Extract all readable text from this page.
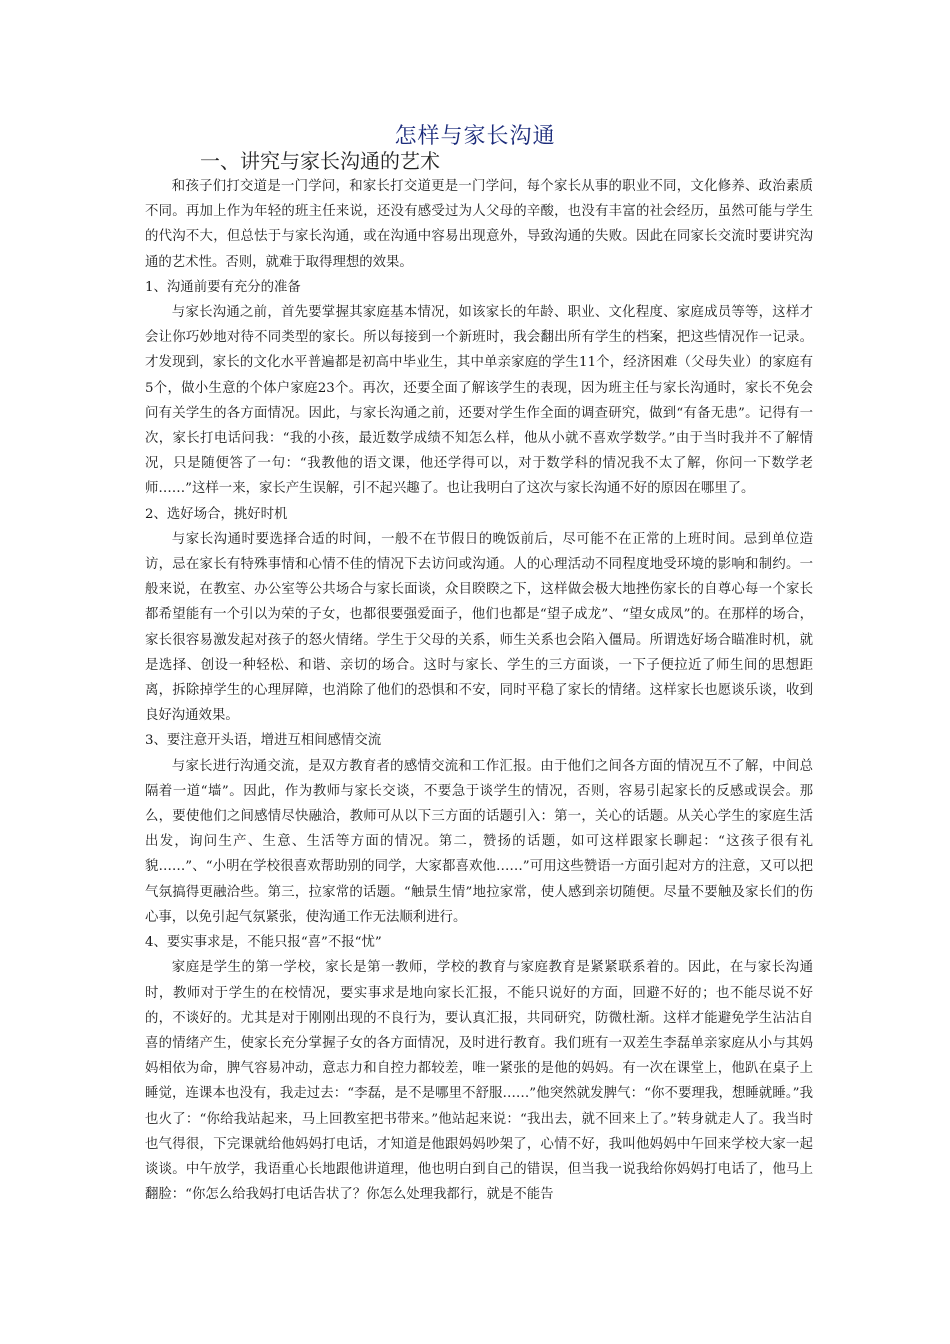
怎样与家长沟通
一、讲究与家长沟通的艺术

和孩子们打交道是一门学问，和家长打交道更是一门学问，每个家长从事的职业不同，文化修养、政治素质不同。再加上作为年轻的班主任来说，还没有感受过为人父母的辛酸，也没有丰富的社会经历，虽然可能与学生的代沟不大，但总怯于与家长沟通，或在沟通中容易出现意外，导致沟通的失败。因此在同家长交流时要讲究沟通的艺术性。否则，就难于取得理想的效果。

1、沟通前要有充分的准备

与家长沟通之前，首先要掌握其家庭基本情况，如该家长的年龄、职业、文化程度、家庭成员等等，这样才会让你巧妙地对待不同类型的家长。所以每接到一个新班时，我会翻出所有学生的档案，把这些情况作一记录。才发现到，家长的文化水平普遍都是初高中毕业生，其中单亲家庭的学生11个，经济困难（父母失业）的家庭有5个，做小生意的个体户家庭23个。再次，还要全面了解该学生的表现，因为班主任与家长沟通时，家长不免会问有关学生的各方面情况。因此，与家长沟通之前，还要对学生作全面的调查研究，做到“有备无患”。记得有一次，家长打电话问我：“我的小孩，最近数学成绩不知怎么样，他从小就不喜欢学数学。”由于当时我并不了解情况，只是随便答了一句：“我教他的语文课，他还学得可以，对于数学科的情况我不太了解，你问一下数学老师……”这样一来，家长产生误解，引不起兴趣了。也让我明白了这次与家长沟通不好的原因在哪里了。

2、选好场合，挑好时机

与家长沟通时要选择合适的时间，一般不在节假日的晚饭前后，尽可能不在正常的上班时间。忌到单位造访，忌在家长有特殊事情和心情不佳的情况下去访问或沟通。人的心理活动不同程度地受环境的影响和制约。一般来说，在教室、办公室等公共场合与家长面谈，众目睽睽之下，这样做会极大地挫伤家长的自尊心每一个家长都希望能有一个引以为荣的子女，也都很要强爱面子，他们也都是“望子成龙”、“望女成凤”的。在那样的场合，家长很容易激发起对孩子的怒火情绪。学生于父母的关系，师生关系也会陷入僵局。所谓选好场合瞄准时机，就是选择、创设一种轻松、和谐、亲切的场合。这时与家长、学生的三方面谈，一下子便拉近了师生间的思想距离，拆除掉学生的心理屏障，也消除了他们的恐惧和不安，同时平稳了家长的情绪。这样家长也愿谈乐谈，收到良好沟通效果。

3、要注意开头语，增进互相间感情交流

与家长进行沟通交流，是双方教育者的感情交流和工作汇报。由于他们之间各方面的情况互不了解，中间总隔着一道“墙”。因此，作为教师与家长交谈，不要急于谈学生的情况，否则，容易引起家长的反感或误会。那么，要使他们之间感情尽快融洽，教师可从以下三方面的话题引入：第一，关心的话题。从关心学生的家庭生活出发，询问生产、生意、生活等方面的情况。第二，赞扬的话题，如可这样跟家长聊起：“这孩子很有礼貌……”、“小明在学校很喜欢帮助别的同学，大家都喜欢他……”可用这些赞语一方面引起对方的注意，又可以把气氛搞得更融洽些。第三，拉家常的话题。“触景生情”地拉家常，使人感到亲切随便。尽量不要触及家长们的伤心事，以免引起气氛紧张，使沟通工作无法顺利进行。

4、要实事求是，不能只报“喜”不报“忧”

家庭是学生的第一学校，家长是第一教师，学校的教育与家庭教育是紧紧联系着的。因此，在与家长沟通时，教师对于学生的在校情况，要实事求是地向家长汇报，不能只说好的方面，回避不好的；也不能尽说不好的，不谈好的。尤其是对于刚刚出现的不良行为，要认真汇报，共同研究，防微杜渐。这样才能避免学生沾沾自喜的情绪产生，使家长充分掌握子女的各方面情况，及时进行教育。我们班有一双差生李磊单亲家庭从小与其妈妈相依为命，脾气容易冲动，意志力和自控力都较差，唯一紧张的是他的妈妈。有一次在课堂上，他趴在桌子上睡觉，连课本也没有，我走过去：“李磊，是不是哪里不舒服……”他突然就发脾气：“你不要理我，想睡就睡。”我也火了：“你给我站起来，马上回教室把书带来。”他站起来说：“我出去，就不回来上了。”转身就走人了。我当时也气得很，下完课就给他妈妈打电话，才知道是他跟妈妈吵架了，心情不好，我叫他妈妈中午回来学校大家一起谈谈。中午放学，我语重心长地跟他讲道理，他也明白到自己的错误，但当我一说我给你妈妈打电话了，他马上翻脸：“你怎么给我妈打电话告状了？你怎么处理我都行，就是不能告
